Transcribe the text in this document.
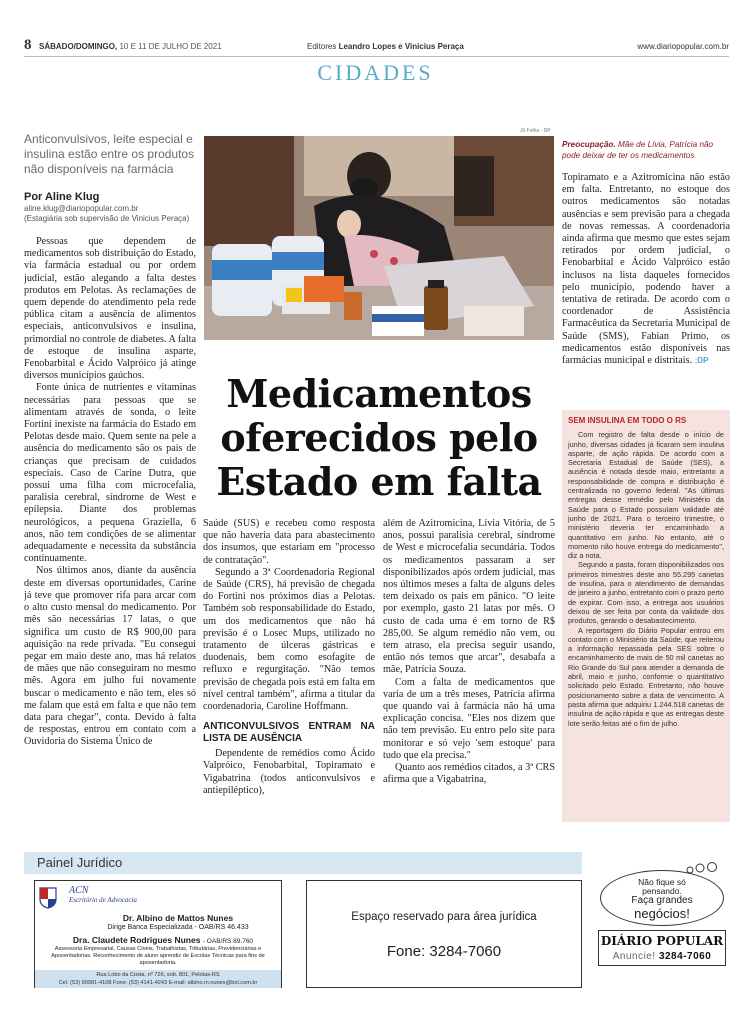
8 SÁBADO/DOMINGO, 10 E 11 DE JULHO DE 2021	Editores Leandro Lopes e Vinicius Peraça	www.diariopopular.com.br
CIDADES
Anticonvulsivos, leite especial e insulina estão entre os produtos não disponíveis na farmácia
Por Aline Klug
aline.klug@diariopopular.com.br
(Estagiária sob supervisão de Vinicius Peraça)

Pessoas que dependem de medicamentos sob distribuição do Estado, via farmácia estadual ou por ordem judicial, estão alegando a falta destes produtos em Pelotas. As reclamações de quem depende do atendimento pela rede pública citam a ausência de alimentos especiais, anticonvulsivos e insulina, primordial no controle de diabetes. A falta de estoque de insulina asparte, Fenobarbital e Ácido Valpróico já atinge diversos municípios gaúchos.

Fonte única de nutrientes e vitaminas necessárias para pessoas que se alimentam através de sonda, o leite Fortini inexiste na farmácia do Estado em Pelotas desde maio. Quem sente na pele a ausência do medicamento são os pais de crianças que precisam de cuidados especiais. Caso de Carine Dutra, que possui uma filha com microcefalia, paralisia cerebral, síndrome de West e epilepsia. Diante dos problemas neurológicos, a pequena Graziella, 6 anos, não tem condições de se alimentar adequadamente e necessita da substância continuamente.

Nos últimos anos, diante da ausência deste em diversas oportunidades, Carine já teve que promover rifa para arcar com o alto custo mensal do medicamento. Por mês são necessárias 17 latas, o que significa um custo de R$ 900,00 para aquisição na rede privada. "Eu consegui pegar em maio deste ano, mas há relatos de mães que não conseguiram no mesmo mês. Agora em julho fui novamente buscar o medicamento e não tem, eles só me falam que está em falta e que não tem data para chegar", conta. Devido à falta de respostas, entrou em contato com a Ouvidoria do Sistema Único de

Jô Folha - DP
Medicamentos
oferecidos pelo
Estado em falta

Saúde (SUS) e recebeu como resposta que não haveria data para abastecimento dos insumos, que estariam em "processo de contratação".

Segundo a 3ª Coordenadoria Regional de Saúde (CRS), há previsão de chegada do Fortini nos próximos dias a Pelotas. Também sob responsabilidade do Estado, um dos medicamentos que não há previsão é o Losec Mups, utilizado no tratamento de úlceras gástricas e duodenais, bem como esofagite de refluxo e regurgitação. "Não temos previsão de chegada pois está em falta em nível central também", afirma a titular da coordenadoria, Caroline Hoffmann.

ANTICONVULSIVOS ENTRAM NA LISTA DE AUSÊNCIA

Dependente de remédios como Ácido Valpróico, Fenobarbital, Topiramato e Vigabatrina (todos anticonvulsivos e antiepiléptico),

além de Azitromicina, Lívia Vitória, de 5 anos, possui paralisia cerebral, síndrome de West e microcefalia secundária. Todos os medicamentos passaram a ser disponibilizados após ordem judicial, mas nos últimos meses a falta de alguns deles tem deixado os pais em pânico. "O leite por exemplo, gasto 21 latas por mês. O custo de cada uma é em torno de R$ 285,00. Se algum remédio não vem, ou tem atraso, ela precisa seguir usando, então nós temos que arcar", desabafa a mãe, Patrícia Souza.

Com a falta de medicamentos que varia de um a três meses, Patrícia afirma que quando vai à farmácia não há uma explicação concisa. "Eles nos dizem que não tem previsão. Eu entro pelo site para monitorar e só vejo 'sem estoque' para tudo que ela precisa."

Quanto aos remédios citados, a 3ª CRS afirma que a Vigabatrina,

Preocupação. Mãe de Lívia, Patrícia não pode deixar de ter os medicamentos
Topiramato e a Azitromicina não estão em falta. Entretanto, no estoque dos outros medicamentos são notadas ausências e sem previsão para a chegada de novas remessas. A coordenadoria ainda afirma que mesmo que estes sejam retirados por ordem judicial, o Fenobarbital e Ácido Valpróico estão inclusos na lista daqueles fornecidos pelo município, podendo haver a tentativa de retirada. De acordo com o coordenador de Assistência Farmacêutica da Secretaria Municipal de Saúde (SMS), Fabian Primo, os medicamentos estão disponíveis nas farmácias municipal e distritais. :DP
SEM INSULINA EM TODO O RS

Com registro de falta desde o início de junho, diversas cidades já ficaram sem insulina asparte, de ação rápida. De acordo com a Secretaria Estadual de Saúde (SES), a ausência é notada desde maio, entretanto a responsabilidade de compra e distribuição é centralizada no governo federal. "As últimas entregas desse remédio pelo Ministério da Saúde para o Estado possuíam validade até junho de 2021. Para o terceiro trimestre, o ministério deveria ter encaminhado a quantitativo em junho. No entanto, até o momento não houve entrega do medicamento", diz a nota.

Segundo a pasta, foram disponibilizados nos primeiros trimestres deste ano 55.295 canetas de insulina, para o atendimento de demandas de janeiro a junho, entretanto com o prazo perto de expirar. Com isso, a entrega aos usuários deixou de ser feita por conta da validade dos produtos, gerando o desabastecimento.

A reportagem do Diário Popular entrou em contato com o Ministério da Saúde, que reiterou a informação repassada pela SES sobre o encaminhamento de mais de 50 mil canetas ao Rio Grande do Sul para atender a demanda de abril, maio e junho, conforme o quantitativo solicitado pelo Estado. Entretanto, não houve posicionamento sobre a data de vencimento. A pasta afirma que adquiriu 1.244.518 canetas de insulina de ação rápida e que as entregas deste lote serão feitas até o fim de julho.

Painel Jurídico
ACN
Escritório de Advocacia
Dr. Albino de Mattos Nunes
Dirige Banca Especializada - OAB/RS 46.433
Dra. Claudete Rodrigues Nunes - OAB/RS 89.760
Assessoria Empresarial, Causas Cíveis, Trabalhistas, Tributárias, Previdenciárias e Aposentadorias. Reconhecimento de aluno aprendiz de Escolas Técnicas para fins de aposentadoria.
Rua Lobo da Costa, nº 726, sob. 801, Pelotas-RS
Cel. (53) 99981-4108 Fone: (53) 4141-4243 E-mail: albino.m.nunes@bol.com.br
Espaço reservado para área jurídica
Fone: 3284-7060
Não fique só
pensando.
Faça grandes
negócios!
DIÁRIO POPULAR
Anuncie! 3284-7060
